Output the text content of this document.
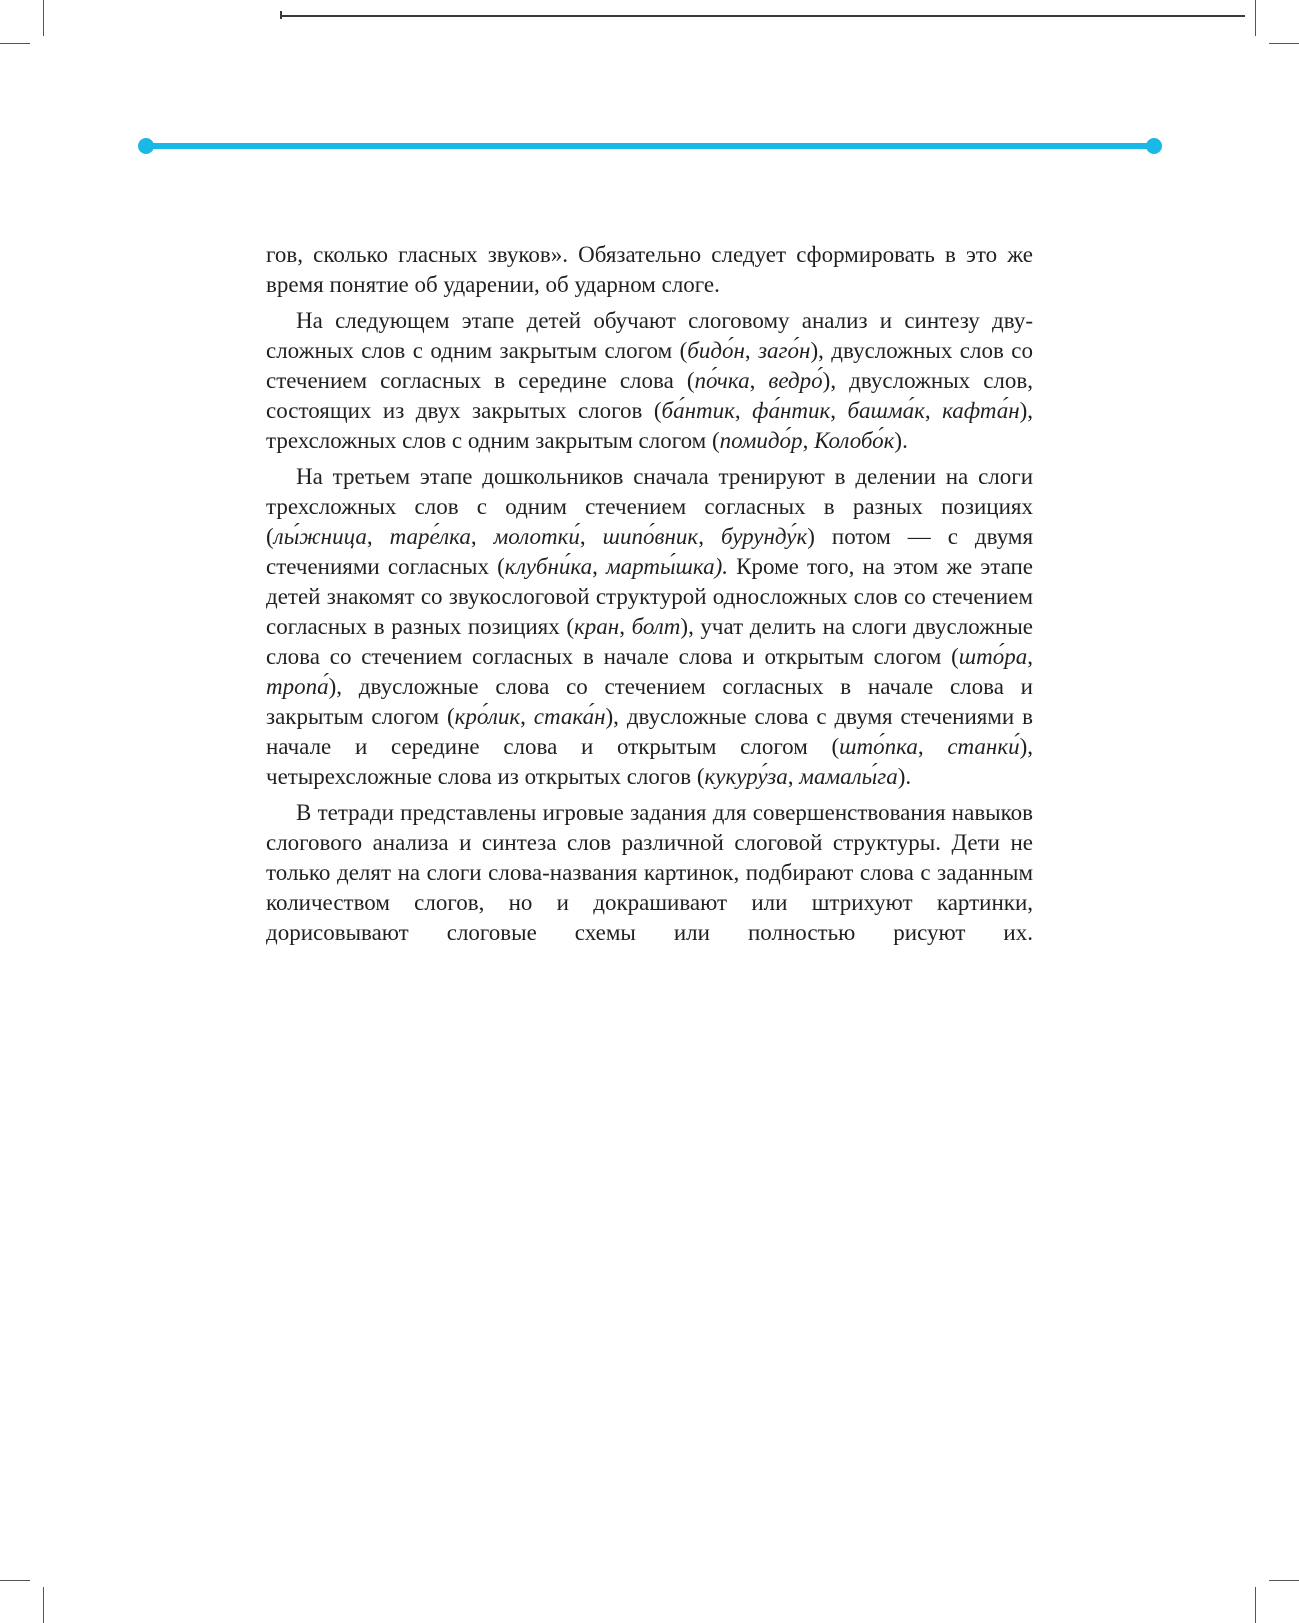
гов, сколько гласных звуков». Обязательно следует сформировать в это же время понятие об ударении, об ударном слоге.

На следующем этапе детей обучают слоговому анализ и синтезу двусложных слов с одним закрытым слогом (бидо́н, заго́н), двусложных слов со стечением согласных в середине слова (по́чка, ведро́), двусложных слов, состоящих из двух закрытых слогов (ба́нтик, фа́нтик, башма́к, кафта́н), трехсложных слов с одним закрытым слогом (помидо́р, Колобо́к).

На третьем этапе дошкольников сначала тренируют в делении на слоги трехсложных слов с одним стечением согласных в разных позициях (лы́жница, таре́лка, молотки́, шипо́вник, бурунду́к) потом — с двумя стечениями согласных (клубни́ка, марты́шка). Кроме того, на этом же этапе детей знакомят со звукослоговой структурой односложных слов со стечением согласных в разных позициях (кран, болт), учат делить на слоги двусложные слова со стечением согласных в начале слова и открытым слогом (што́ра, тропа́), двусложные слова со стечением согласных в начале слова и закрытым слогом (кро́лик, стака́н), двусложные слова с двумя стечениями в начале и середине слова и открытым слогом (што́пка, станки́), четырехсложные слова из открытых слогов (кукуру́за, мамалы́га).

В тетради представлены игровые задания для совершенствования навыков слогового анализа и синтеза слов различной слоговой структуры. Дети не только делят на слоги слова-названия картинок, подбирают слова с заданным количеством слогов, но и докрашивают или штрихуют картинки, дорисовывают слоговые схемы или полностью рисуют их.
